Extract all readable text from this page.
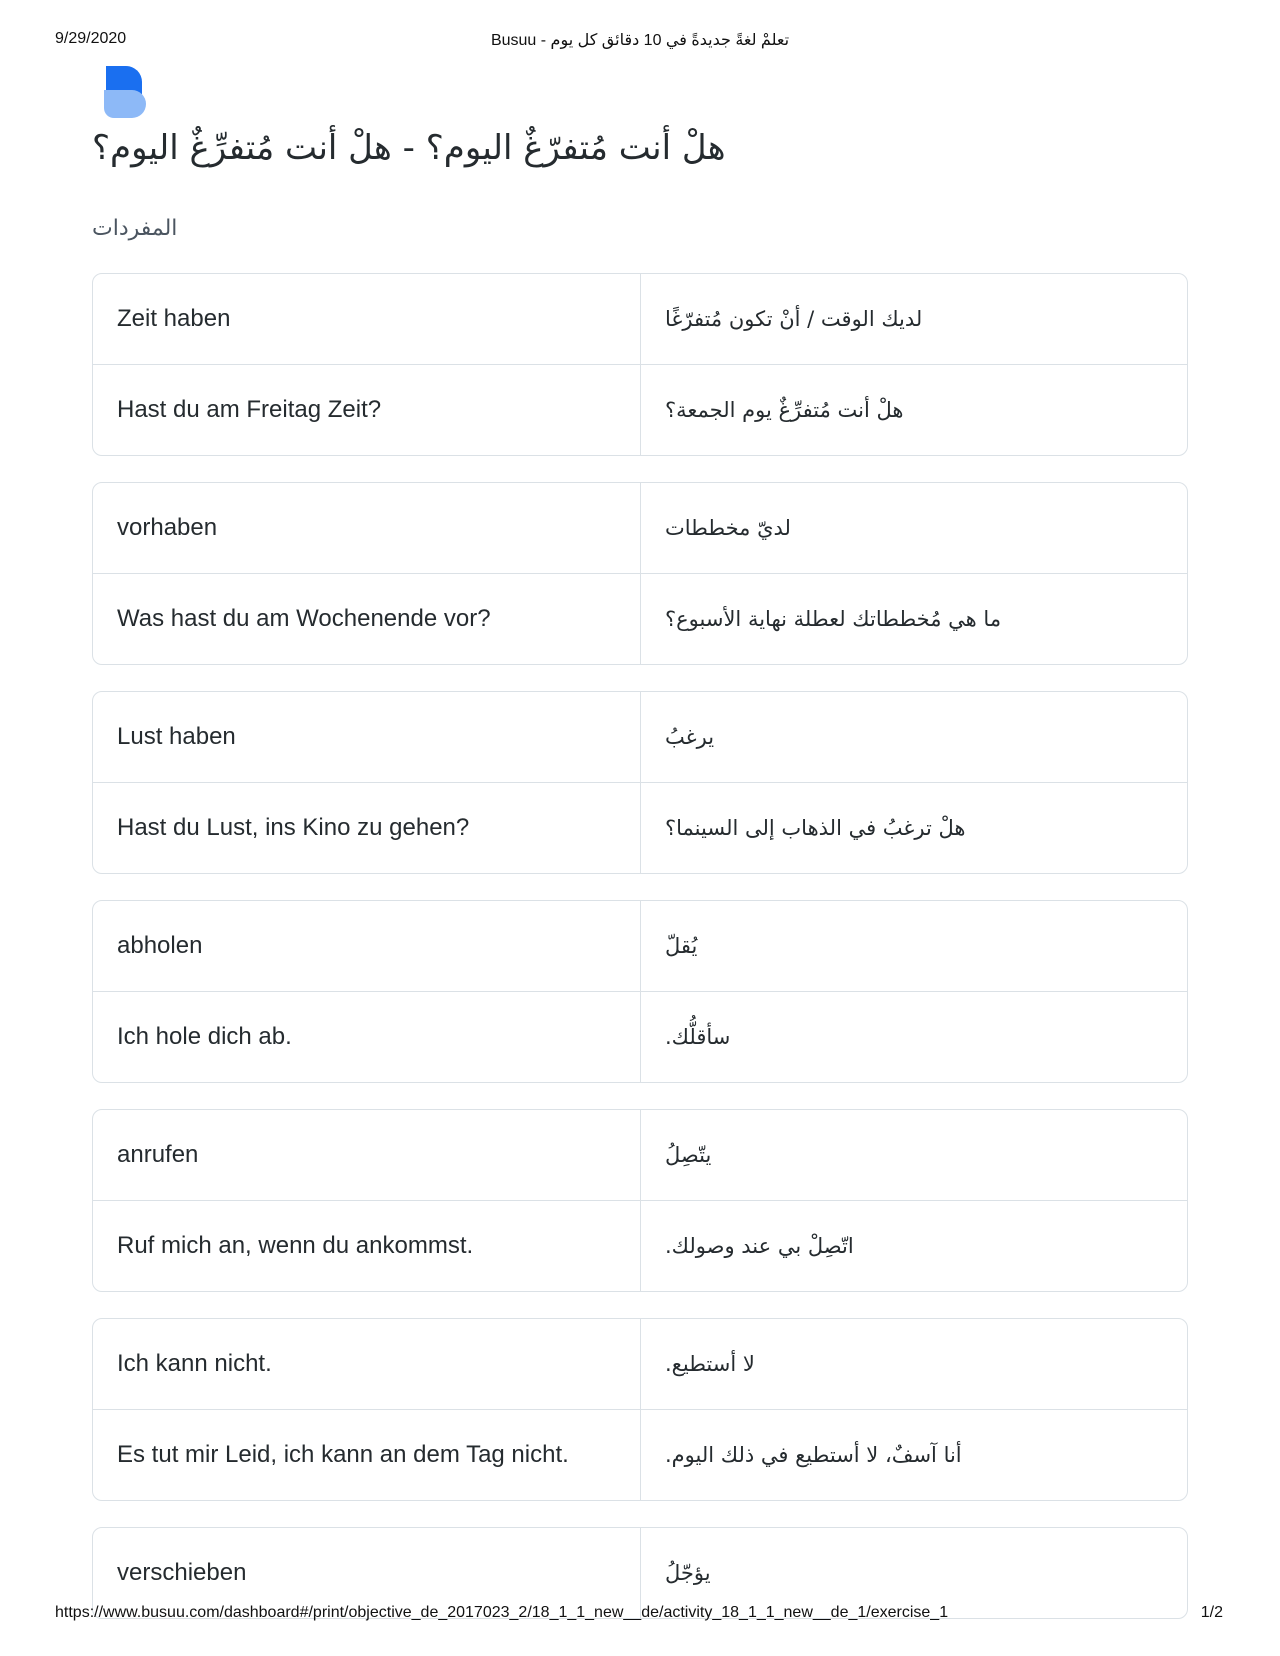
9/29/2020	Busuu - تعلمْ لغةً جديدةً في 10 دقائق كل يوم
هلْ أنت مُتفرّغٌ اليوم؟ - هلْ أنت مُتفرِّغٌ اليوم؟
المفردات
Zeit haben	لديك الوقت / أنْ تكون مُتفرّغًا
Hast du am Freitag Zeit?	هلْ أنت مُتفرِّغٌ يوم الجمعة؟
vorhaben	لديّ مخططات
Was hast du am Wochenende vor?	ما هي مُخططاتك لعطلة نهاية الأسبوع؟
Lust haben	يرغبُ
Hast du Lust, ins Kino zu gehen?	هلْ ترغبُ في الذهاب إلى السينما؟
abholen	يُقلّ
Ich hole dich ab.	سأقلُّك.
anrufen	يتّصِلُ
Ruf mich an, wenn du ankommst.	اتّصِلْ بي عند وصولك.
Ich kann nicht.	لا أستطيع.
Es tut mir Leid, ich kann an dem Tag nicht.	أنا آسفٌ، لا أستطيع في ذلك اليوم.
verschieben	يؤجّلُ
https://www.busuu.com/dashboard#/print/objective_de_2017023_2/18_1_1_new__de/activity_18_1_1_new__de_1/exercise_1	1/2
